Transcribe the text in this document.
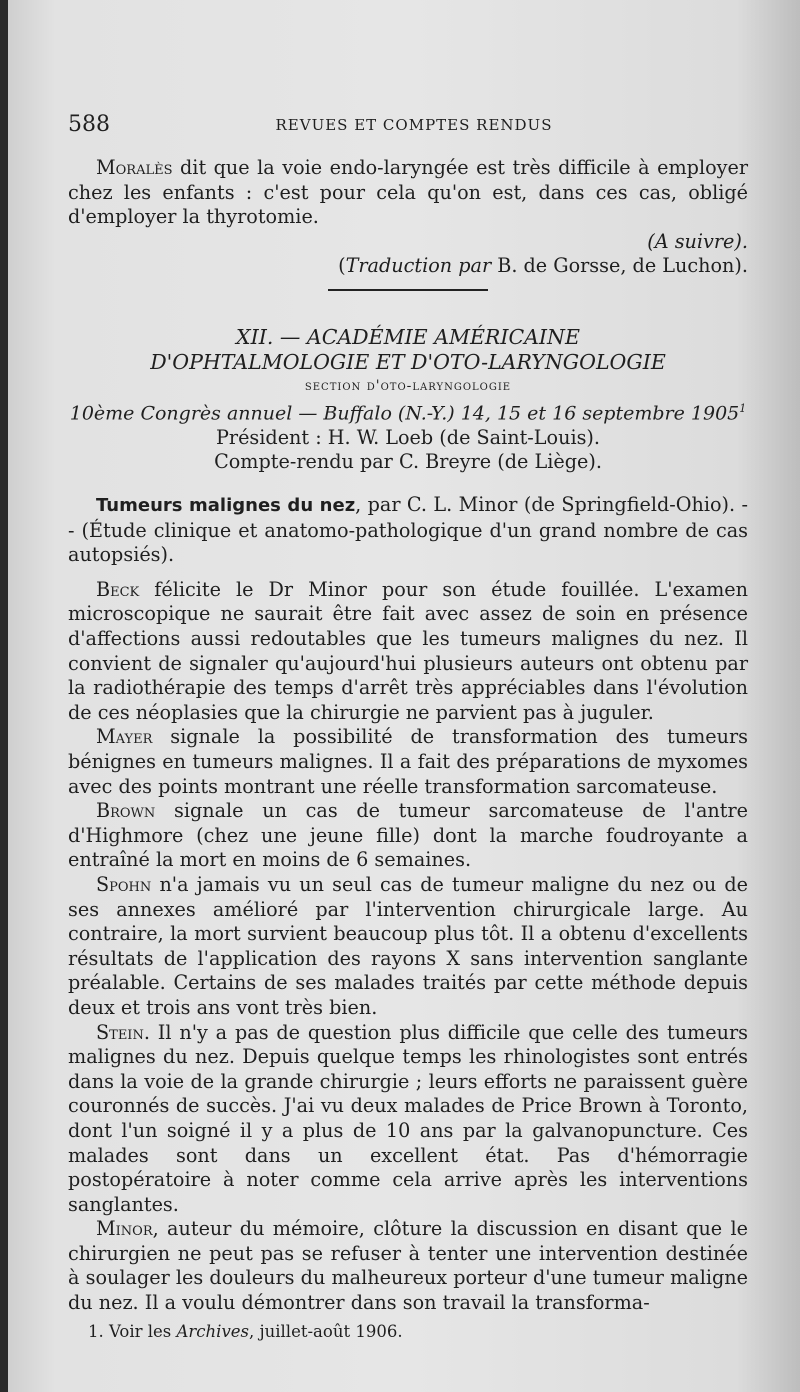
588	REVUES ET COMPTES RENDUS

Moralès dit que la voie endo-laryngée est très difficile à employer chez les enfants : c'est pour cela qu'on est, dans ces cas, obligé d'employer la thyrotomie.

(A suivre).

(Traduction par B. de Gorsse, de Luchon).

XII. — ACADÉMIE AMÉRICAINE
D'OPHTALMOLOGIE ET D'OTO-LARYNGOLOGIE
section d'oto-laryngologie
10ème Congrès annuel — Buffalo (N.-Y.) 14, 15 et 16 septembre 1905$^1$
Président : H. W. Loeb (de Saint-Louis).
Compte-rendu par C. Breyre (de Liège).

Tumeurs malignes du nez, par C. L. Minor (de Springfield-Ohio). - - (Étude clinique et anatomo-pathologique d'un grand nombre de cas autopsiés).

Beck félicite le Dr Minor pour son étude fouillée. L'examen microscopique ne saurait être fait avec assez de soin en présence d'affections aussi redoutables que les tumeurs malignes du nez. Il convient de signaler qu'aujourd'hui plusieurs auteurs ont obtenu par la radiothérapie des temps d'arrêt très appréciables dans l'évolution de ces néoplasies que la chirurgie ne parvient pas à juguler.

Mayer signale la possibilité de transformation des tumeurs bénignes en tumeurs malignes. Il a fait des préparations de myxomes avec des points montrant une réelle transformation sarcomateuse.

Brown signale un cas de tumeur sarcomateuse de l'antre d'Highmore (chez une jeune fille) dont la marche foudroyante a entraîné la mort en moins de 6 semaines.

Spohn n'a jamais vu un seul cas de tumeur maligne du nez ou de ses annexes amélioré par l'intervention chirurgicale large. Au contraire, la mort survient beaucoup plus tôt. Il a obtenu d'excellents résultats de l'application des rayons X sans intervention sanglante préalable. Certains de ses malades traités par cette méthode depuis deux et trois ans vont très bien.

Stein. Il n'y a pas de question plus difficile que celle des tumeurs malignes du nez. Depuis quelque temps les rhinologistes sont entrés dans la voie de la grande chirurgie ; leurs efforts ne paraissent guère couronnés de succès. J'ai vu deux malades de Price Brown à Toronto, dont l'un soigné il y a plus de 10 ans par la galvanopuncture. Ces malades sont dans un excellent état. Pas d'hémorragie postopératoire à noter comme cela arrive après les interventions sanglantes.

Minor, auteur du mémoire, clôture la discussion en disant que le chirurgien ne peut pas se refuser à tenter une intervention destinée à soulager les douleurs du malheureux porteur d'une tumeur maligne du nez. Il a voulu démontrer dans son travail la transforma-

1. Voir les Archives, juillet-août 1906.
